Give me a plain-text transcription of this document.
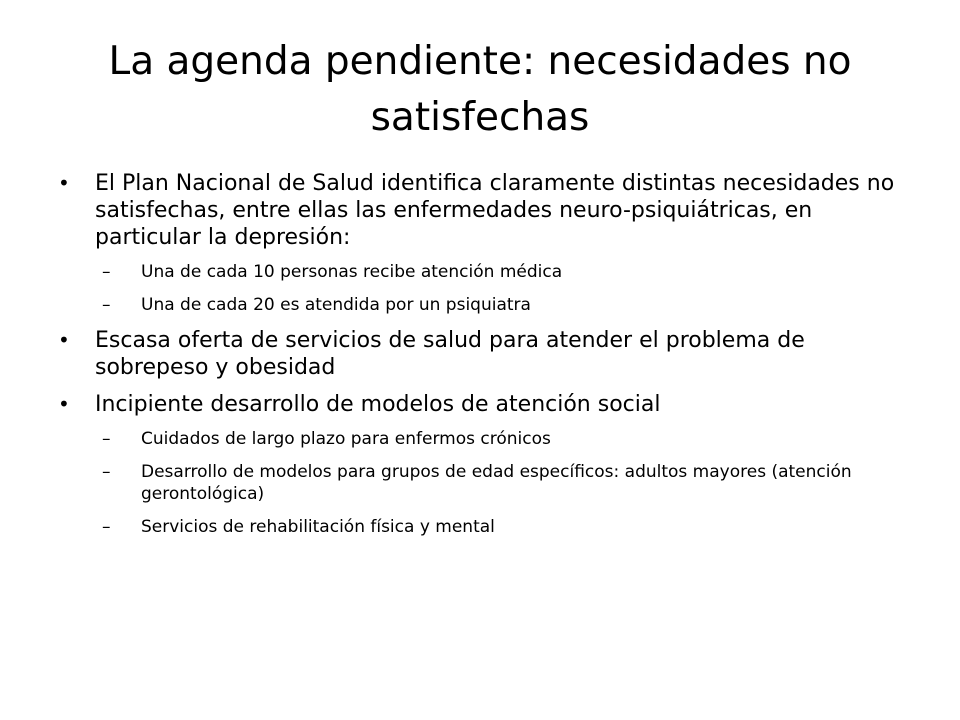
La agenda pendiente: necesidades no satisfechas
• El Plan Nacional de Salud identifica claramente distintas necesidades no satisfechas, entre ellas las enfermedades neuro-psiquiátricas, en particular la depresión:
– Una de cada 10 personas recibe atención médica
– Una de cada 20 es atendida por un psiquiatra
• Escasa oferta de servicios de salud para atender el problema de sobrepeso y obesidad
• Incipiente desarrollo de modelos de atención social
– Cuidados de largo plazo para enfermos crónicos
– Desarrollo de modelos para grupos de edad específicos: adultos mayores (atención gerontológica)
– Servicios de rehabilitación física y mental
